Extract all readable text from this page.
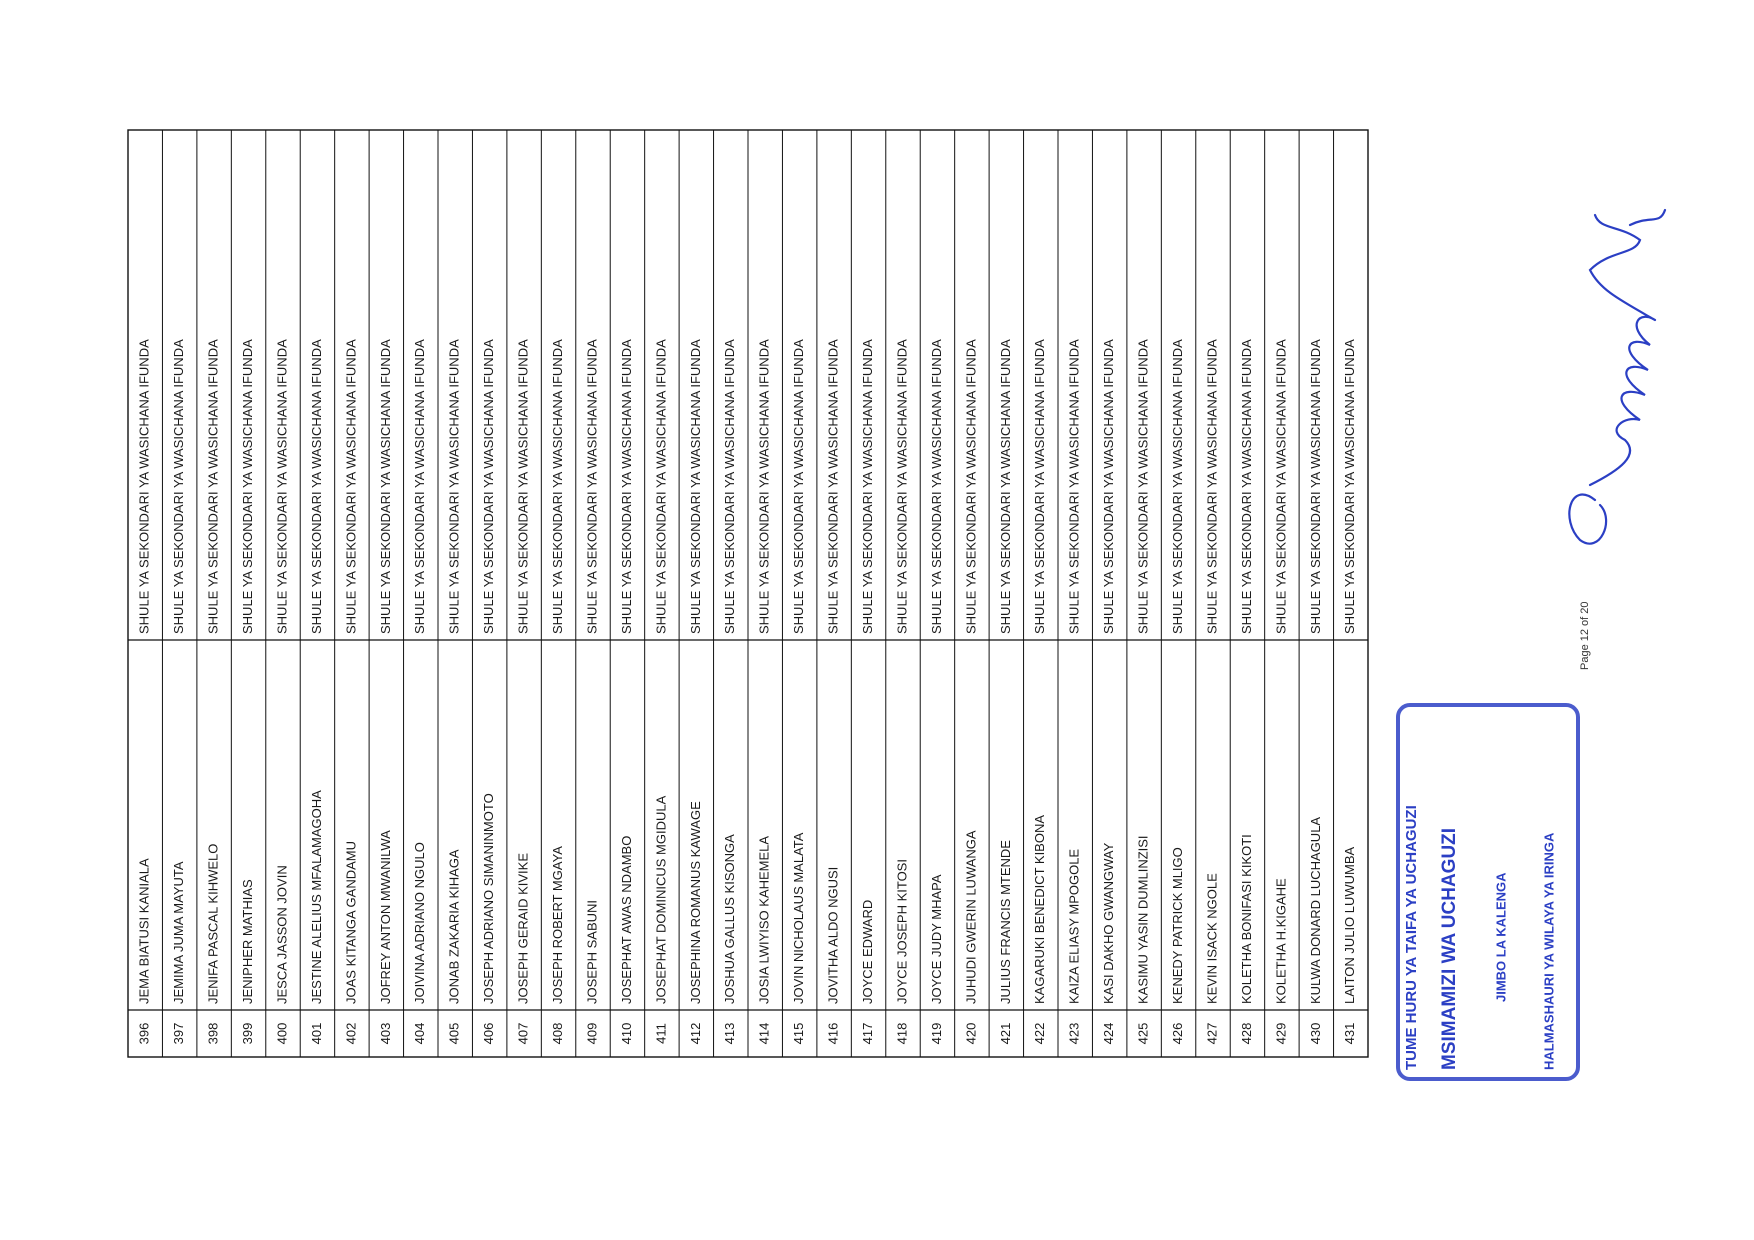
396
JEMA BIATUSI KANIALA
SHULE YA SEKONDARI YA WASICHANA IFUNDA
397
JEMIMA JUMA MAYUTA
SHULE YA SEKONDARI YA WASICHANA IFUNDA
398
JENIFA PASCAL KIHWELO
SHULE YA SEKONDARI YA WASICHANA IFUNDA
399
JENIPHER MATHIAS
SHULE YA SEKONDARI YA WASICHANA IFUNDA
400
JESCA JASSON JOVIN
SHULE YA SEKONDARI YA WASICHANA IFUNDA
401
JESTINE ALELIUS MFALAMAGOHA
SHULE YA SEKONDARI YA WASICHANA IFUNDA
402
JOAS KITANGA GANDAMU
SHULE YA SEKONDARI YA WASICHANA IFUNDA
403
JOFREY ANTON MWANILWA
SHULE YA SEKONDARI YA WASICHANA IFUNDA
404
JOIVINA ADRIANO NGULO
SHULE YA SEKONDARI YA WASICHANA IFUNDA
405
JONAB ZAKARIA KIHAGA
SHULE YA SEKONDARI YA WASICHANA IFUNDA
406
JOSEPH ADRIANO SIMANINMOTO
SHULE YA SEKONDARI YA WASICHANA IFUNDA
407
JOSEPH GERAID KIVIKE
SHULE YA SEKONDARI YA WASICHANA IFUNDA
408
JOSEPH ROBERT MGAYA
SHULE YA SEKONDARI YA WASICHANA IFUNDA
409
JOSEPH SABUNI
SHULE YA SEKONDARI YA WASICHANA IFUNDA
410
JOSEPHAT AWAS NDAMBO
SHULE YA SEKONDARI YA WASICHANA IFUNDA
411
JOSEPHAT DOMINICUS MGIDULA
SHULE YA SEKONDARI YA WASICHANA IFUNDA
412
JOSEPHINA ROMANUS KAWAGE
SHULE YA SEKONDARI YA WASICHANA IFUNDA
413
JOSHUA GALLUS KISONGA
SHULE YA SEKONDARI YA WASICHANA IFUNDA
414
JOSIA LWIYISO KAHEMELA
SHULE YA SEKONDARI YA WASICHANA IFUNDA
415
JOVIN NICHOLAUS MALATA
SHULE YA SEKONDARI YA WASICHANA IFUNDA
416
JOVITHA ALDO NGUSI
SHULE YA SEKONDARI YA WASICHANA IFUNDA
417
JOYCE EDWARD
SHULE YA SEKONDARI YA WASICHANA IFUNDA
418
JOYCE JOSEPH KITOSI
SHULE YA SEKONDARI YA WASICHANA IFUNDA
419
JOYCE JUDY MHAPA
SHULE YA SEKONDARI YA WASICHANA IFUNDA
420
JUHUDI GWERIN LUWANGA
SHULE YA SEKONDARI YA WASICHANA IFUNDA
421
JULIUS FRANCIS MTENDE
SHULE YA SEKONDARI YA WASICHANA IFUNDA
422
KAGARUKI BENEDICT KIBONA
SHULE YA SEKONDARI YA WASICHANA IFUNDA
423
KAIZA ELIASY MPOGOLE
SHULE YA SEKONDARI YA WASICHANA IFUNDA
424
KASI DAKHO GWANGWAY
SHULE YA SEKONDARI YA WASICHANA IFUNDA
425
KASIMU YASIN DUMLINZISI
SHULE YA SEKONDARI YA WASICHANA IFUNDA
426
KENEDY PATRICK MLIGO
SHULE YA SEKONDARI YA WASICHANA IFUNDA
427
KEVIN ISACK NGOLE
SHULE YA SEKONDARI YA WASICHANA IFUNDA
428
KOLETHA BONIFASI KIKOTI
SHULE YA SEKONDARI YA WASICHANA IFUNDA
429
KOLETHA H.KIGAHE
SHULE YA SEKONDARI YA WASICHANA IFUNDA
430
KULWA DONARD LUCHAGULA
SHULE YA SEKONDARI YA WASICHANA IFUNDA
431
LAITON JULIO LUWUMBA
SHULE YA SEKONDARI YA WASICHANA IFUNDA
Page 12 of 20
TUME HURU YA TAIFA YA UCHAGUZI MSIMAMIZI WA UCHAGUZI	JIMBO LA KALENGA	HALMASHAURI YA WILAYA YA IRINGA
